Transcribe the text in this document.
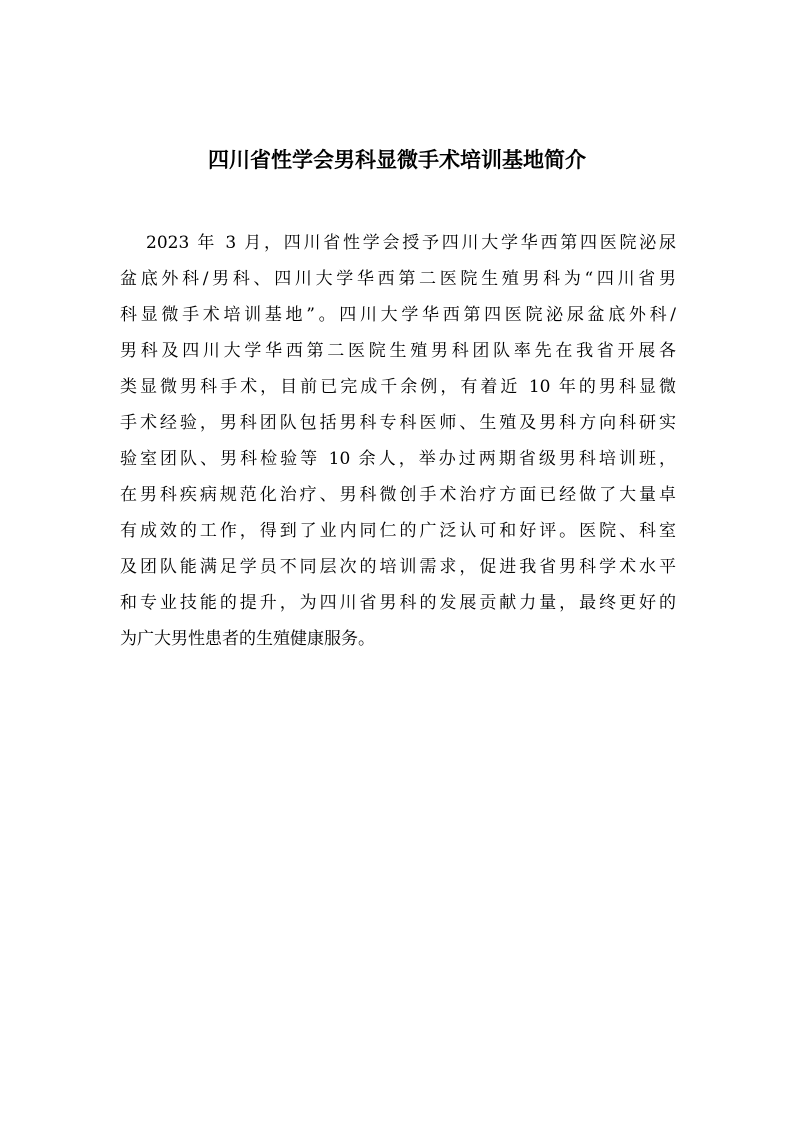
四川省性学会男科显微手术培训基地简介
2023 年 3 月，四川省性学会授予四川大学华西第四医院泌尿
盆底外科/男科、四川大学华西第二医院生殖男科为“四川省男
科显微手术培训基地”。四川大学华西第四医院泌尿盆底外科/
男科及四川大学华西第二医院生殖男科团队率先在我省开展各
类显微男科手术，目前已完成千余例，有着近 10 年的男科显微
手术经验，男科团队包括男科专科医师、生殖及男科方向科研实
验室团队、男科检验等 10 余人，举办过两期省级男科培训班，
在男科疾病规范化治疗、男科微创手术治疗方面已经做了大量卓
有成效的工作，得到了业内同仁的广泛认可和好评。医院、科室
及团队能满足学员不同层次的培训需求，促进我省男科学术水平
和专业技能的提升，为四川省男科的发展贡献力量，最终更好的
为广大男性患者的生殖健康服务。
